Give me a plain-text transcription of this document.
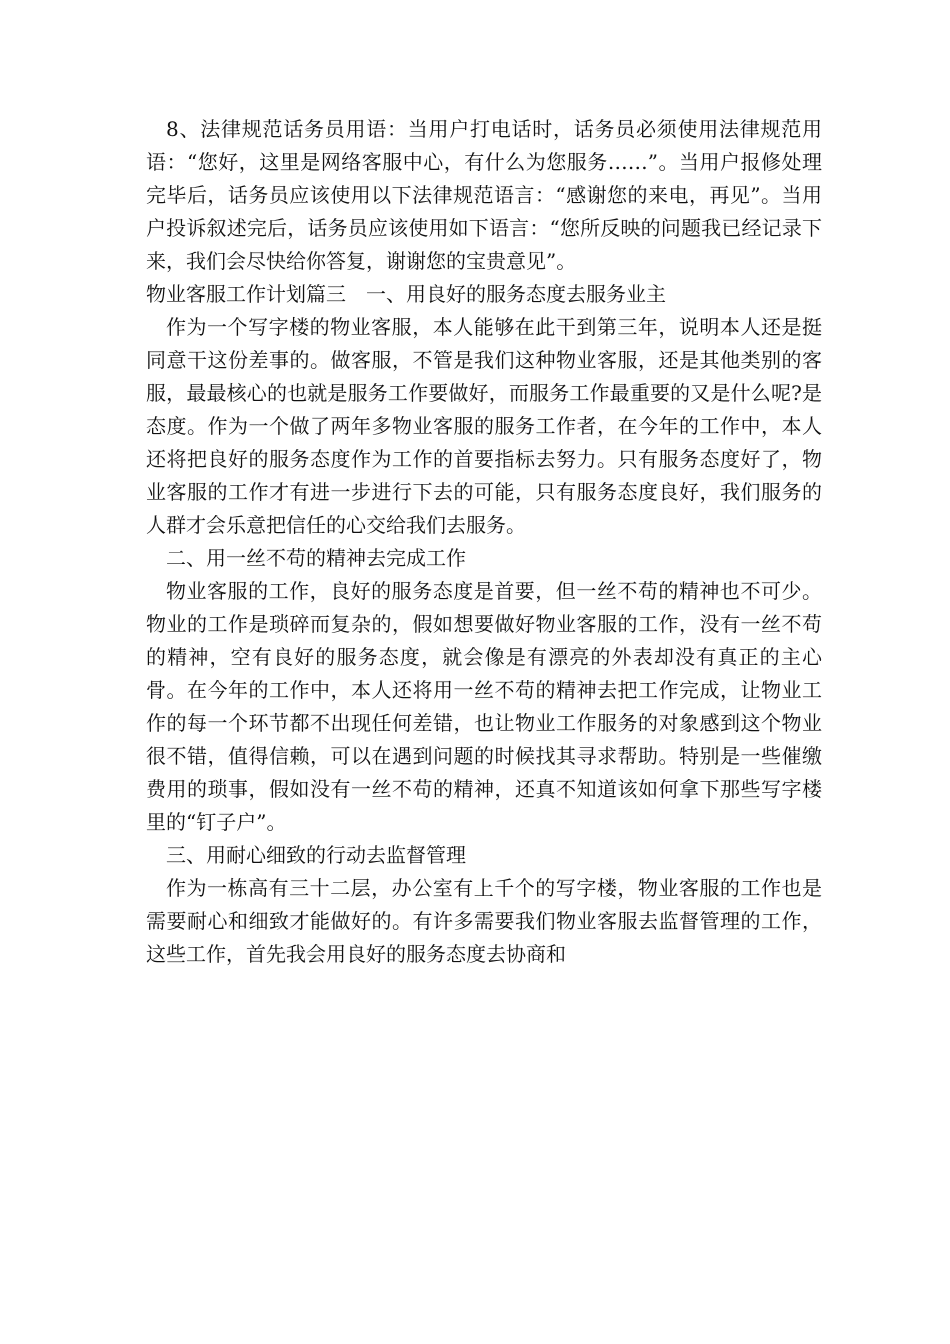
8、法律规范话务员用语：当用户打电话时，话务员必须使用法律规范用语：“您好，这里是网络客服中心，有什么为您服务……”。当用户报修处理完毕后，话务员应该使用以下法律规范语言：“感谢您的来电，再见”。当用户投诉叙述完后，话务员应该使用如下语言：“您所反映的问题我已经记录下来，我们会尽快给你答复，谢谢您的宝贵意见”。

物业客服工作计划篇三　一、用良好的服务态度去服务业主

作为一个写字楼的物业客服，本人能够在此干到第三年，说明本人还是挺同意干这份差事的。做客服，不管是我们这种物业客服，还是其他类别的客服，最最核心的也就是服务工作要做好，而服务工作最重要的又是什么呢?是态度。作为一个做了两年多物业客服的服务工作者，在今年的工作中，本人还将把良好的服务态度作为工作的首要指标去努力。只有服务态度好了，物业客服的工作才有进一步进行下去的可能，只有服务态度良好，我们服务的人群才会乐意把信任的心交给我们去服务。

二、用一丝不苟的精神去完成工作

物业客服的工作，良好的服务态度是首要，但一丝不苟的精神也不可少。物业的工作是琐碎而复杂的，假如想要做好物业客服的工作，没有一丝不苟的精神，空有良好的服务态度，就会像是有漂亮的外表却没有真正的主心骨。在今年的工作中，本人还将用一丝不苟的精神去把工作完成，让物业工作的每一个环节都不出现任何差错，也让物业工作服务的对象感到这个物业很不错，值得信赖，可以在遇到问题的时候找其寻求帮助。特别是一些催缴费用的琐事，假如没有一丝不苟的精神，还真不知道该如何拿下那些写字楼里的“钉子户”。

三、用耐心细致的行动去监督管理

作为一栋高有三十二层，办公室有上千个的写字楼，物业客服的工作也是需要耐心和细致才能做好的。有许多需要我们物业客服去监督管理的工作，这些工作，首先我会用良好的服务态度去协商和
